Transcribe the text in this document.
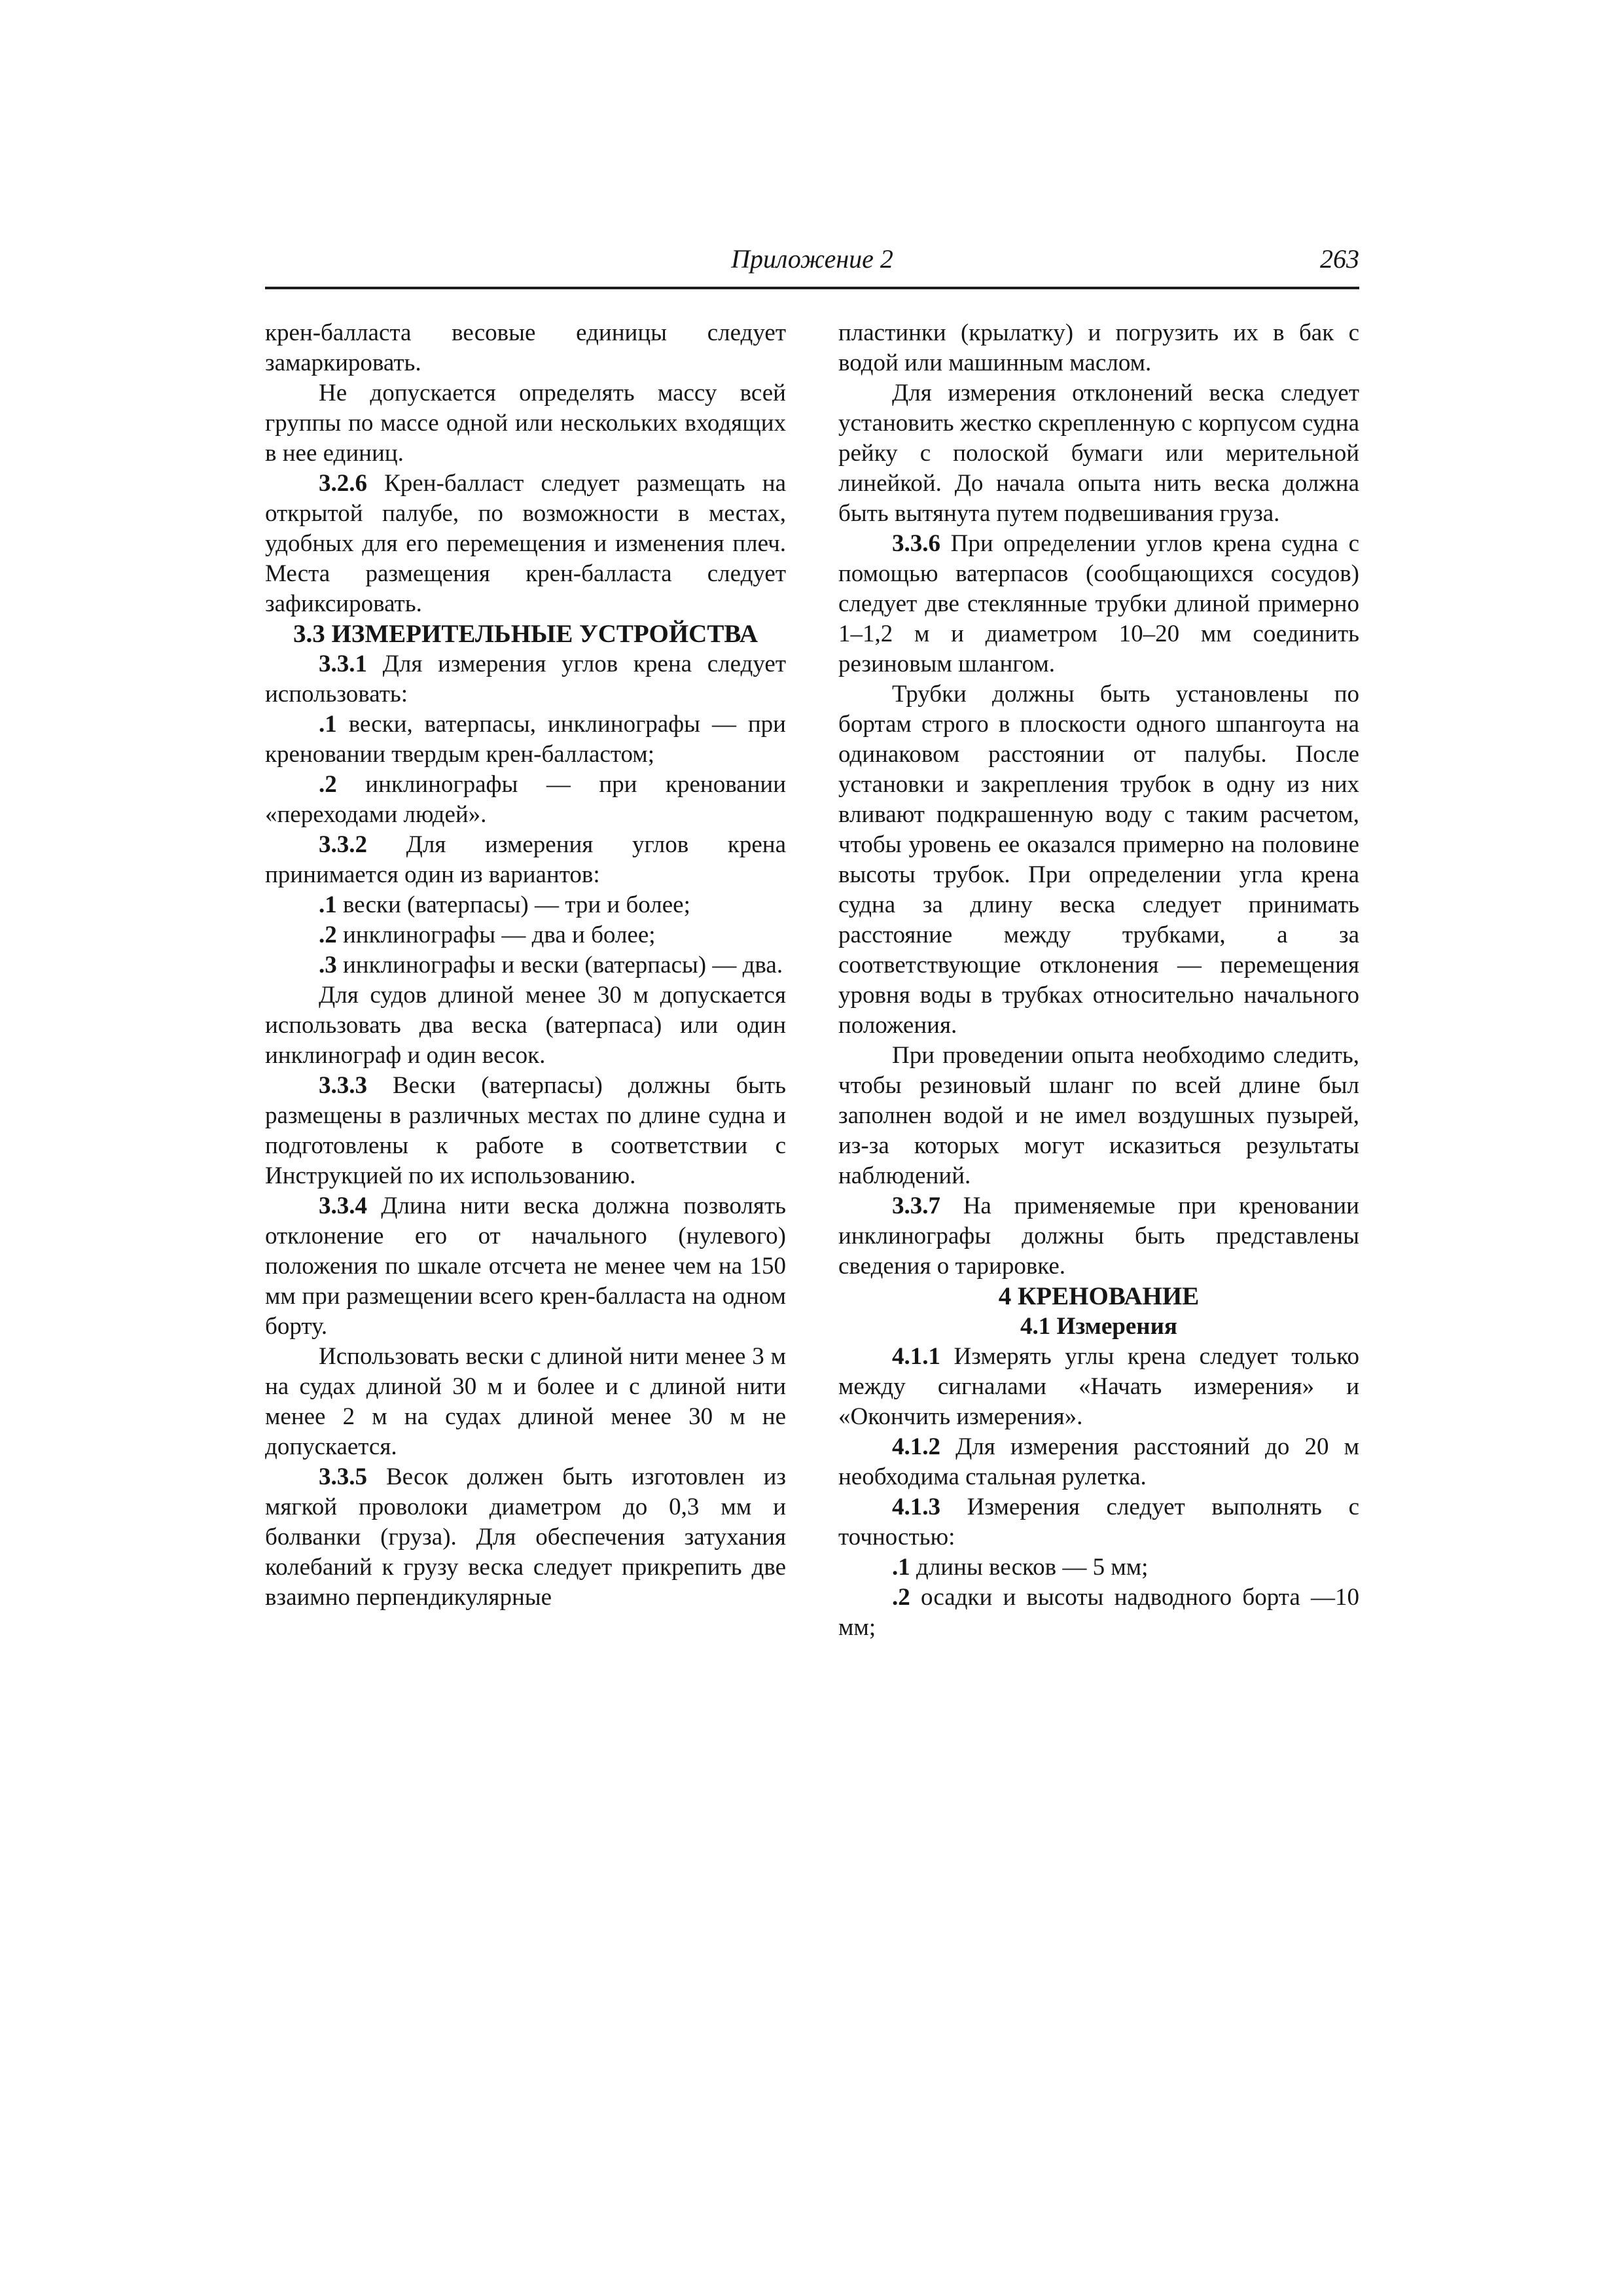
Приложение 2	263

крен-балласта весовые единицы следует замаркировать.

Не допускается определять массу всей группы по массе одной или нескольких входящих в нее единиц.

3.2.6 Крен-балласт следует размещать на открытой палубе, по возможности в местах, удобных для его перемещения и изменения плеч. Места размещения крен-балласта следует зафиксировать.

3.3 ИЗМЕРИТЕЛЬНЫЕ УСТРОЙСТВА

3.3.1 Для измерения углов крена следует использовать:

.1 вески, ватерпасы, инклинографы — при креновании твердым крен-балластом;

.2 инклинографы — при креновании «переходами людей».

3.3.2 Для измерения углов крена принимается один из вариантов:

.1 вески (ватерпасы) — три и более;

.2 инклинографы — два и более;

.3 инклинографы и вески (ватерпасы) — два.

Для судов длиной менее 30 м допускается использовать два веска (ватерпаса) или один инклинограф и один весок.

3.3.3 Вески (ватерпасы) должны быть размещены в различных местах по длине судна и подготовлены к работе в соответствии с Инструкцией по их использованию.

3.3.4 Длина нити веска должна позволять отклонение его от начального (нулевого) положения по шкале отсчета не менее чем на 150 мм при размещении всего крен-балласта на одном борту.

Использовать вески с длиной нити менее 3 м на судах длиной 30 м и более и с длиной нити менее 2 м на судах длиной менее 30 м не допускается.

3.3.5 Весок должен быть изготовлен из мягкой проволоки диаметром до 0,3 мм и болванки (груза). Для обеспечения затухания колебаний к грузу веска следует прикрепить две взаимно перпендикулярные

пластинки (крылатку) и погрузить их в бак с водой или машинным маслом.

Для измерения отклонений веска следует установить жестко скрепленную с корпусом судна рейку с полоской бумаги или мерительной линейкой. До начала опыта нить веска должна быть вытянута путем подвешивания груза.

3.3.6 При определении углов крена судна с помощью ватерпасов (сообщающихся сосудов) следует две стеклянные трубки длиной примерно 1–1,2 м и диаметром 10–20 мм соединить резиновым шлангом.

Трубки должны быть установлены по бортам строго в плоскости одного шпангоута на одинаковом расстоянии от палубы. После установки и закрепления трубок в одну из них вливают подкрашенную воду с таким расчетом, чтобы уровень ее оказался примерно на половине высоты трубок. При определении угла крена судна за длину веска следует принимать расстояние между трубками, а за соответствующие отклонения — перемещения уровня воды в трубках относительно начального положения.

При проведении опыта необходимо следить, чтобы резиновый шланг по всей длине был заполнен водой и не имел воздушных пузырей, из-за которых могут исказиться результаты наблюдений.

3.3.7 На применяемые при креновании инклинографы должны быть представлены сведения о тарировке.

4 КРЕНОВАНИЕ

4.1 Измерения

4.1.1 Измерять углы крена следует только между сигналами «Начать измерения» и «Окончить измерения».

4.1.2 Для измерения расстояний до 20 м необходима стальная рулетка.

4.1.3 Измерения следует выполнять с точностью:

.1 длины весков — 5 мм;

.2 осадки и высоты надводного борта —10 мм;
